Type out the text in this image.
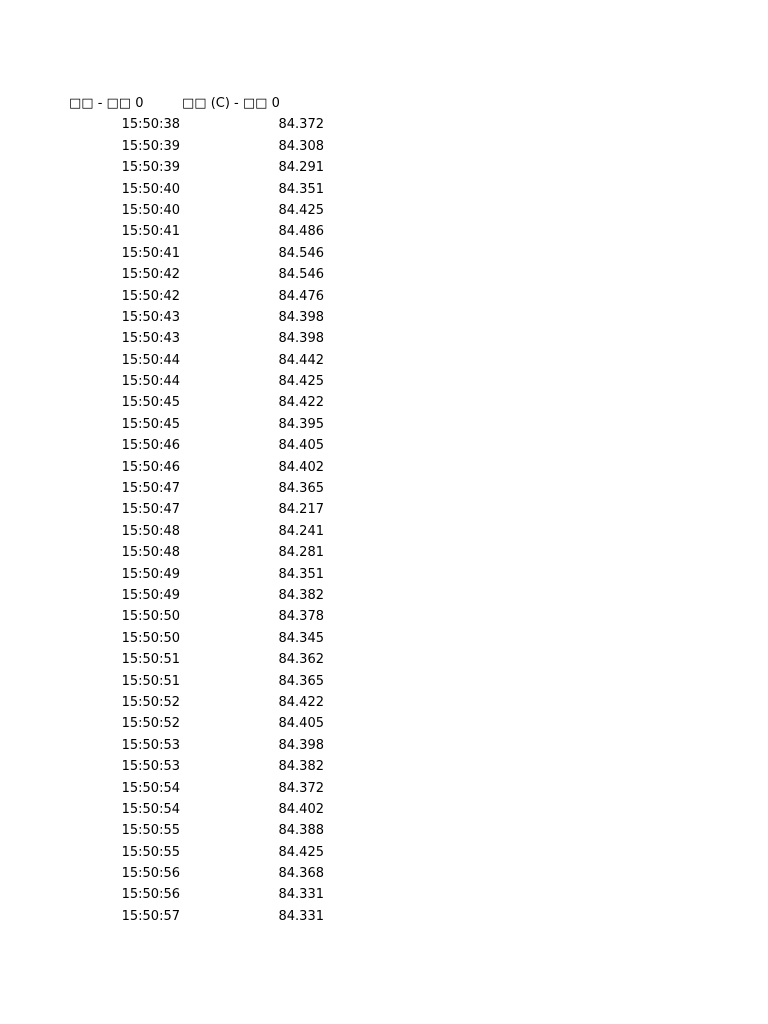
□□ - □□ 0	□□ (C) - □□ 0
15:50:38	84.372
15:50:39	84.308
15:50:39	84.291
15:50:40	84.351
15:50:40	84.425
15:50:41	84.486
15:50:41	84.546
15:50:42	84.546
15:50:42	84.476
15:50:43	84.398
15:50:43	84.398
15:50:44	84.442
15:50:44	84.425
15:50:45	84.422
15:50:45	84.395
15:50:46	84.405
15:50:46	84.402
15:50:47	84.365
15:50:47	84.217
15:50:48	84.241
15:50:48	84.281
15:50:49	84.351
15:50:49	84.382
15:50:50	84.378
15:50:50	84.345
15:50:51	84.362
15:50:51	84.365
15:50:52	84.422
15:50:52	84.405
15:50:53	84.398
15:50:53	84.382
15:50:54	84.372
15:50:54	84.402
15:50:55	84.388
15:50:55	84.425
15:50:56	84.368
15:50:56	84.331
15:50:57	84.331
